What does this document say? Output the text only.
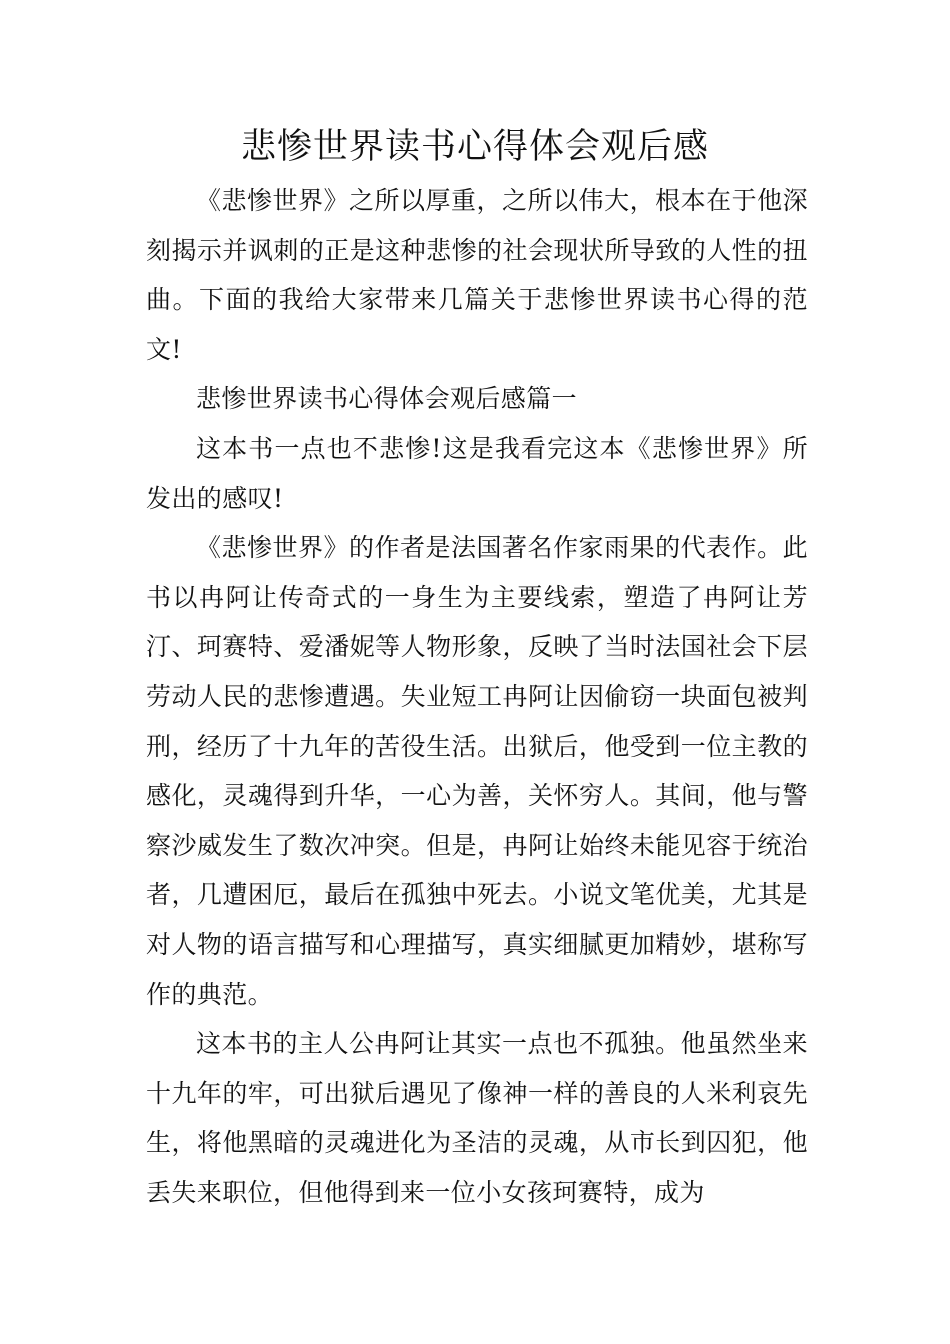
悲惨世界读书心得体会观后感

《悲惨世界》之所以厚重，之所以伟大，根本在于他深刻揭示并讽刺的正是这种悲惨的社会现状所导致的人性的扭曲。下面的我给大家带来几篇关于悲惨世界读书心得的范文!

悲惨世界读书心得体会观后感篇一

这本书一点也不悲惨!这是我看完这本《悲惨世界》所发出的感叹!

《悲惨世界》的作者是法国著名作家雨果的代表作。此书以冉阿让传奇式的一身生为主要线索，塑造了冉阿让芳汀、珂赛特、爱潘妮等人物形象，反映了当时法国社会下层劳动人民的悲惨遭遇。失业短工冉阿让因偷窃一块面包被判刑，经历了十九年的苦役生活。出狱后，他受到一位主教的感化，灵魂得到升华，一心为善，关怀穷人。其间，他与警察沙威发生了数次冲突。但是，冉阿让始终未能见容于统治者，几遭困厄，最后在孤独中死去。小说文笔优美，尤其是对人物的语言描写和心理描写，真实细腻更加精妙，堪称写作的典范。

这本书的主人公冉阿让其实一点也不孤独。他虽然坐来十九年的牢，可出狱后遇见了像神一样的善良的人米利哀先生，将他黑暗的灵魂进化为圣洁的灵魂，从市长到囚犯，他丢失来职位，但他得到来一位小女孩珂赛特，成为
